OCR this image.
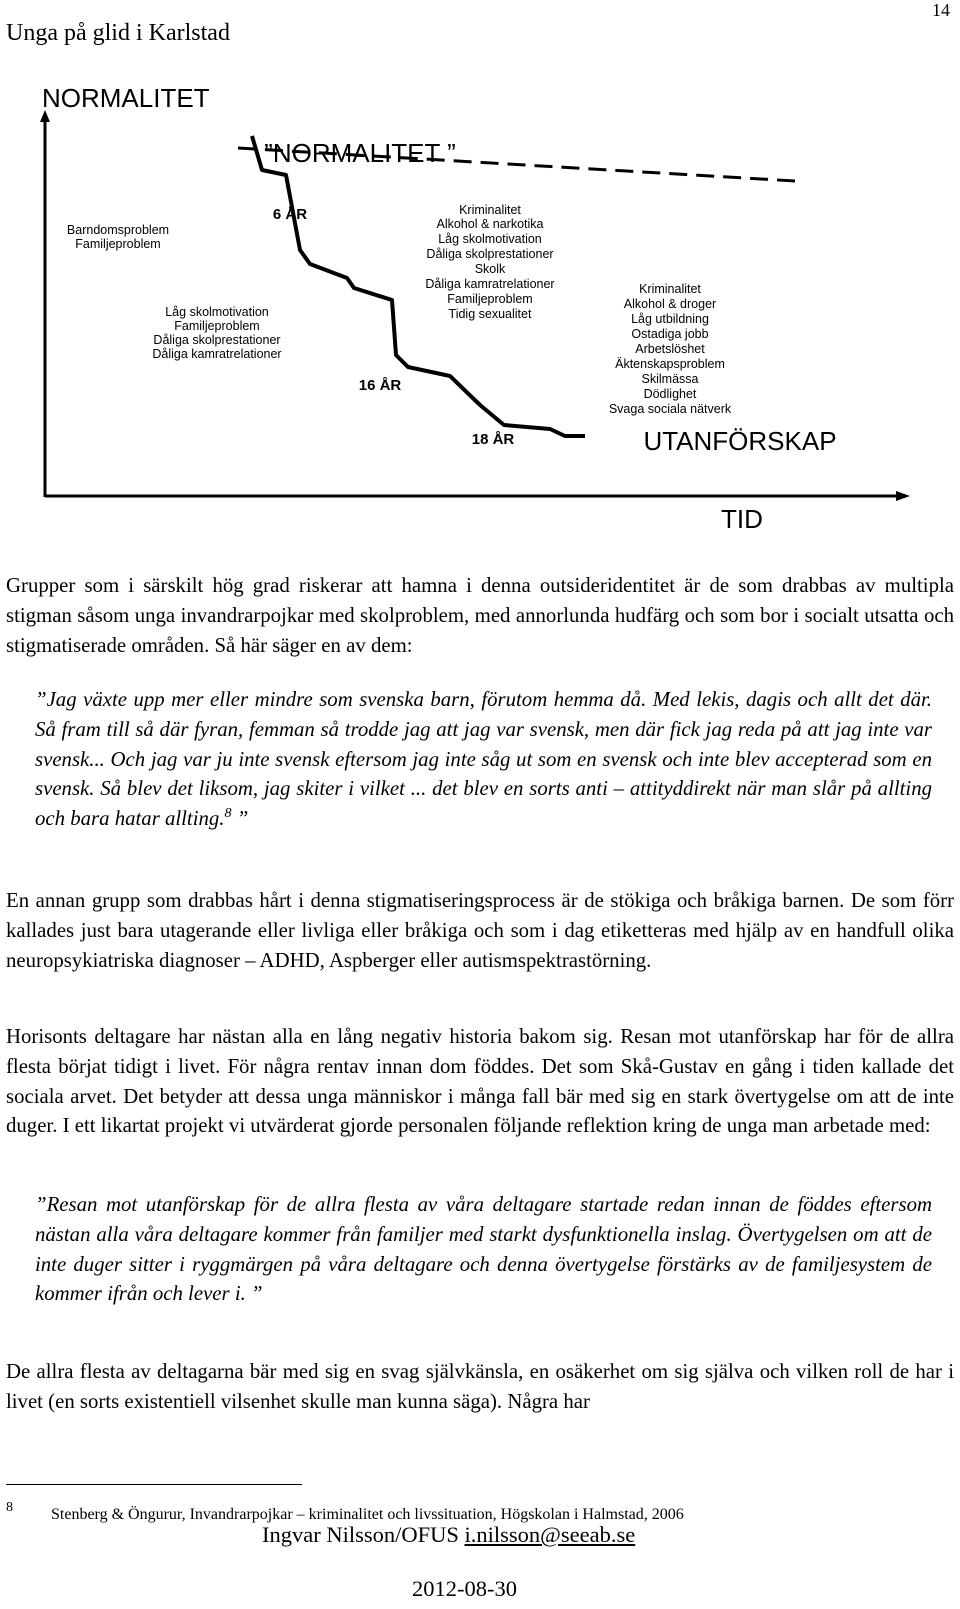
Unga på glid i Karlstad
14
NORMALITET
”NORMALITET ”
6 ÅR
16 ÅR
18 ÅR	UTANFÖRSKAP
TID
Barndomsproblem
Familjeproblem
Låg skolmotivation
Familjeproblem
Dåliga skolprestationer
Dåliga kamratrelationer
Kriminalitet
Alkohol & narkotika
Låg skolmotivation
Dåliga skolprestationer
Skolk
Dåliga kamratrelationer
Familjeproblem
Tidig sexualitet
Kriminalitet
Alkohol & droger
Låg utbildning
Ostadiga jobb
Arbetslöshet
Äktenskapsproblem
Skilmässa
Dödlighet
Svaga sociala nätverk

Grupper som i särskilt hög grad riskerar att hamna i denna outsideridentitet är de som drabbas av multipla stigman såsom unga invandrarpojkar med skolproblem, med annorlunda hudfärg och som bor i socialt utsatta och stigmatiserade områden. Så här säger en av dem:

”Jag växte upp mer eller mindre som svenska barn, förutom hemma då. Med lekis, dagis och allt det där. Så fram till så där fyran, femman så trodde jag att jag var svensk, men där fick jag reda på att jag inte var svensk... Och jag var ju inte svensk eftersom jag inte såg ut som en svensk och inte blev accepterad som en svensk. Så blev det liksom, jag skiter i vilket ... det blev en sorts anti – attityddirekt när man slår på allting och bara hatar allting.$^8$ ”

En annan grupp som drabbas hårt i denna stigmatiseringsprocess är de stökiga och bråkiga barnen. De som förr kallades just bara utagerande eller livliga eller bråkiga och som i dag etiketteras med hjälp av en handfull olika neuropsykiatriska diagnoser – ADHD, Aspberger eller autismspektrastörning.

Horisonts deltagare har nästan alla en lång negativ historia bakom sig. Resan mot utanförskap har för de allra flesta börjat tidigt i livet. För några rentav innan dom föddes. Det som Skå-Gustav en gång i tiden kallade det sociala arvet. Det betyder att dessa unga människor i många fall bär med sig en stark övertygelse om att de inte duger. I ett likartat projekt vi utvärderat gjorde personalen följande reflektion kring de unga man arbetade med:

”Resan mot utanförskap för de allra flesta av våra deltagare startade redan innan de föddes eftersom nästan alla våra deltagare kommer från familjer med starkt dysfunktionella inslag. Övertygelsen om att de inte duger sitter i ryggmärgen på våra deltagare och denna övertygelse förstärks av de familjesystem de kommer ifrån och lever i. ”

De allra flesta av deltagarna bär med sig en svag självkänsla, en osäkerhet om sig själva och vilken roll de har i livet (en sorts existentiell vilsenhet skulle man kunna säga). Några har

8 Stenberg & Öngurur, Invandrarpojkar – kriminalitet och livssituation, Högskolan i Halmstad, 2006
Ingvar Nilsson/OFUS i.nilsson@seeab.se
2012-08-30
